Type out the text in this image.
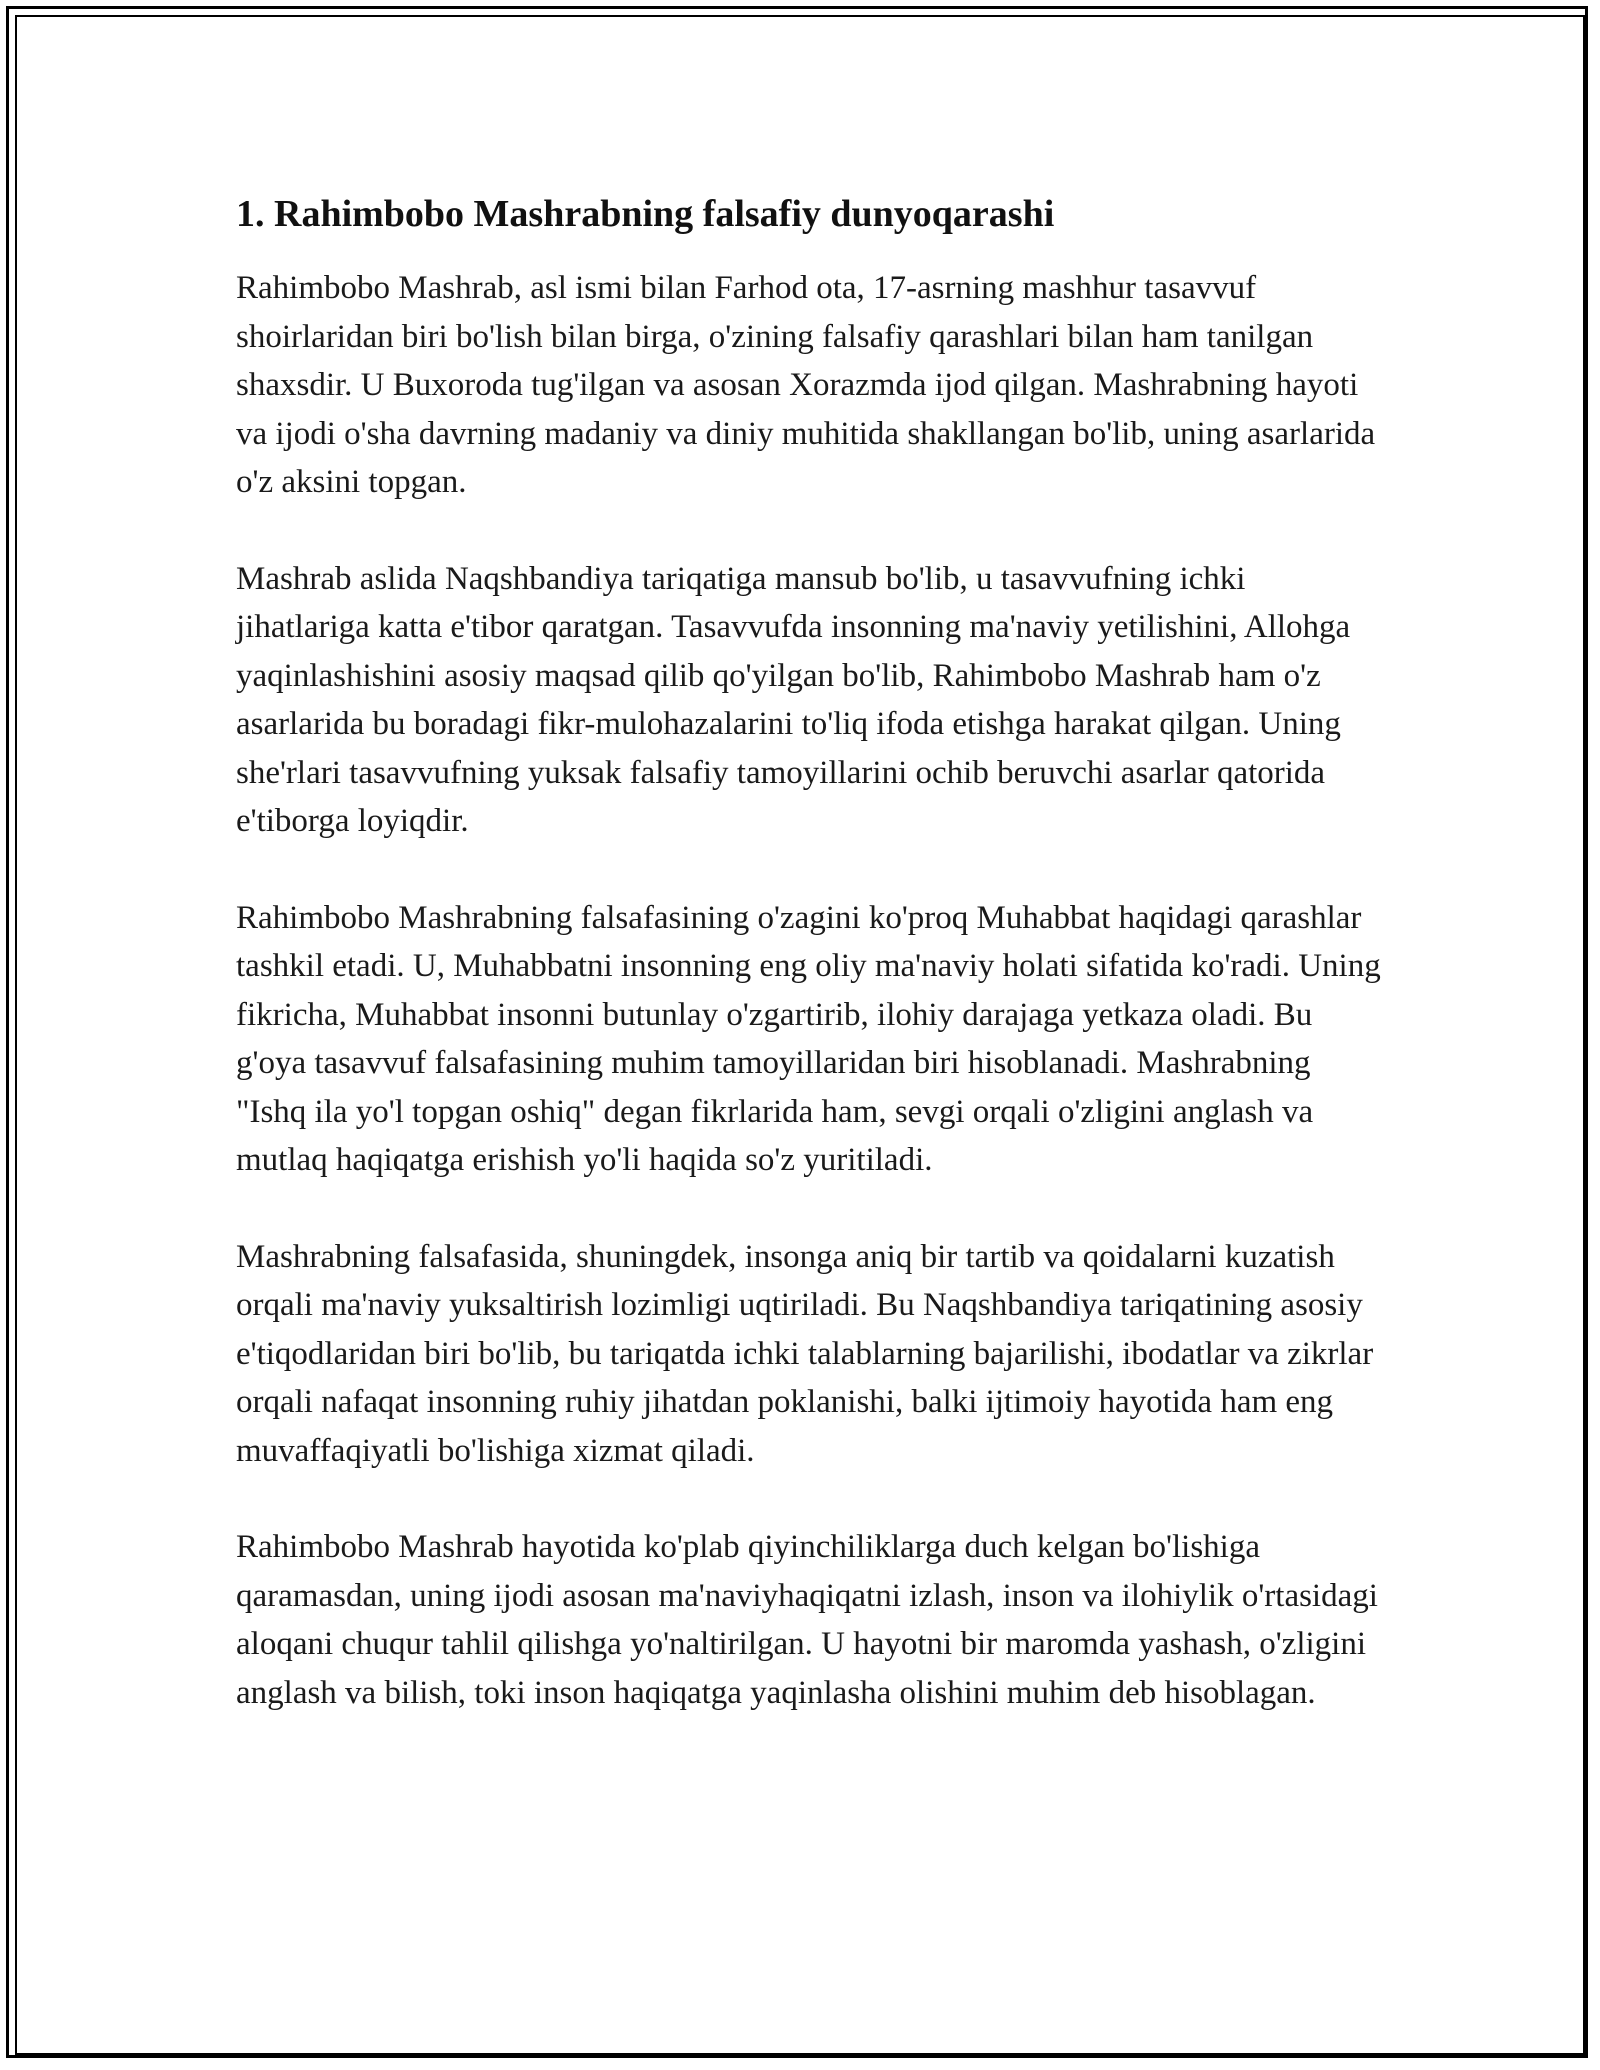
1. Rahimbobo Mashrabning falsafiy dunyoqarashi

Rahimbobo Mashrab, asl ismi bilan Farhod ota, 17-asrning mashhur tasavvuf shoirlaridan biri bo'lish bilan birga, o'zining falsafiy qarashlari bilan ham tanilgan shaxsdir. U Buxoroda tug'ilgan va asosan Xorazmda ijod qilgan. Mashrabning hayoti va ijodi o'sha davrning madaniy va diniy muhitida shakllangan bo'lib, uning asarlarida o'z aksini topgan.

Mashrab aslida Naqshbandiya tariqatiga mansub bo'lib, u tasavvufning ichki jihatlariga katta e'tibor qaratgan. Tasavvufda insonning ma'naviy yetilishini, Allohga yaqinlashishini asosiy maqsad qilib qo'yilgan bo'lib, Rahimbobo Mashrab ham o'z asarlarida bu boradagi fikr-mulohazalarini to'liq ifoda etishga harakat qilgan. Uning she'rlari tasavvufning yuksak falsafiy tamoyillarini ochib beruvchi asarlar qatorida e'tiborga loyiqdir.

Rahimbobo Mashrabning falsafasining o'zagini ko'proq Muhabbat haqidagi qarashlar tashkil etadi. U, Muhabbatni insonning eng oliy ma'naviy holati sifatida ko'radi. Uning fikricha, Muhabbat insonni butunlay o'zgartirib, ilohiy darajaga yetkaza oladi. Bu g'oya tasavvuf falsafasining muhim tamoyillaridan biri hisoblanadi. Mashrabning "Ishq ila yo'l topgan oshiq" degan fikrlarida ham, sevgi orqali o'zligini anglash va mutlaq haqiqatga erishish yo'li haqida so'z yuritiladi.

Mashrabning falsafasida, shuningdek, insonga aniq bir tartib va qoidalarni kuzatish orqali ma'naviy yuksaltirish lozimligi uqtiriladi. Bu Naqshbandiya tariqatining asosiy e'tiqodlaridan biri bo'lib, bu tariqatda ichki talablarning bajarilishi, ibodatlar va zikrlar orqali nafaqat insonning ruhiy jihatdan poklanishi, balki ijtimoiy hayotida ham eng muvaffaqiyatli bo'lishiga xizmat qiladi.

Rahimbobo Mashrab hayotida ko'plab qiyinchiliklarga duch kelgan bo'lishiga qaramasdan, uning ijodi asosan ma'naviyhaqiqatni izlash, inson va ilohiylik o'rtasidagi aloqani chuqur tahlil qilishga yo'naltirilgan. U hayotni bir maromda yashash, o'zligini anglash va bilish, toki inson haqiqatga yaqinlasha olishini muhim deb hisoblagan.
